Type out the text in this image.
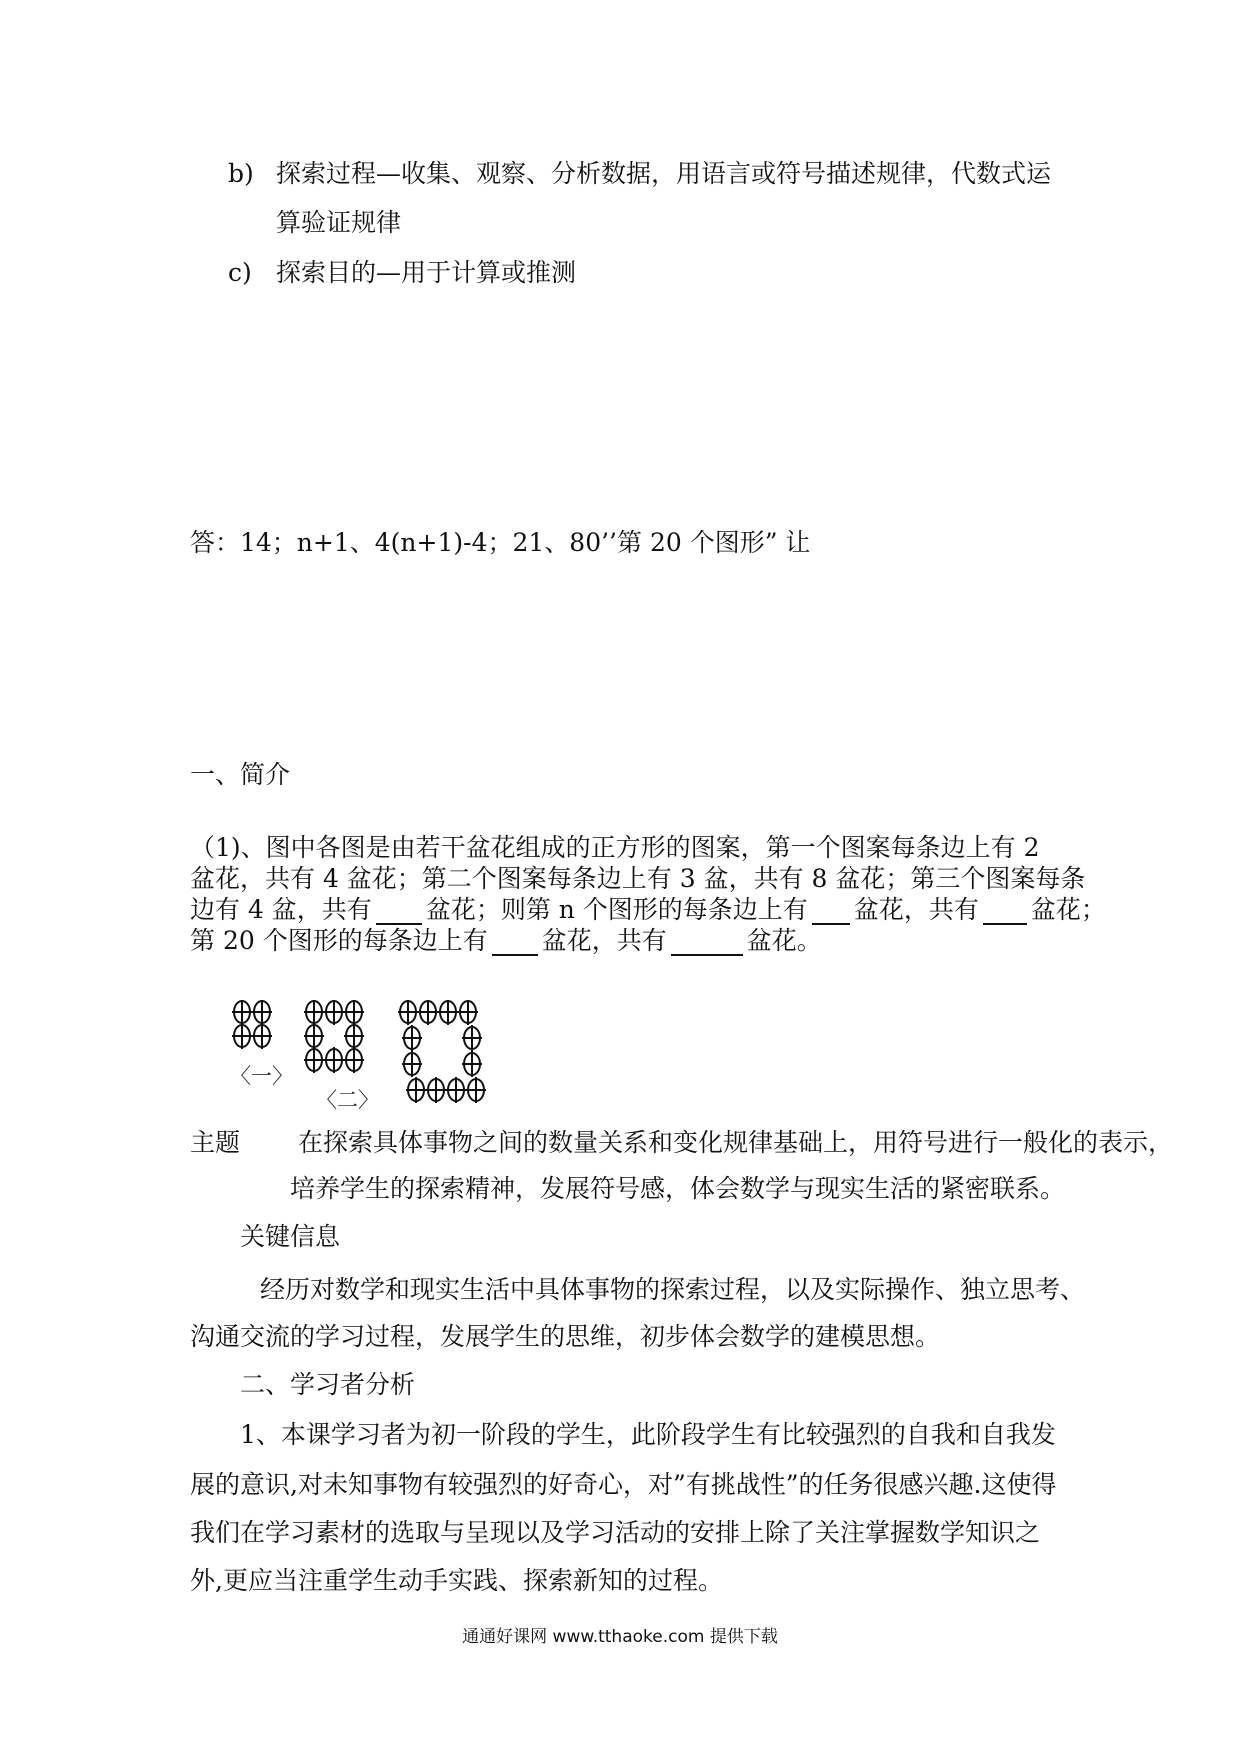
b) 探索过程—收集、观察、分析数据，用语言或符号描述规律，代数式运
算验证规律
c) 探索目的—用于计算或推测
答：14；n+1、4(n+1)-4；21、80’’第 20 个图形” 让
一、简介
（1)、图中各图是由若干盆花组成的正方形的图案，第一个图案每条边上有 2
盆花，共有 4 盆花；第二个图案每条边上有 3 盆，共有 8 盆花；第三个图案每条
边有 4 盆，共有 盆花；则第 n 个图形的每条边上有 盆花，共有 盆花；
第 20 个图形的每条边上有 盆花，共有	盆花。
〈一〉
〈二〉
主题 在探索具体事物之间的数量关系和变化规律基础上，用符号进行一般化的表示，
培养学生的探索精神，发展符号感，体会数学与现实生活的紧密联系。
关键信息
经历对数学和现实生活中具体事物的探索过程，以及实际操作、独立思考、
沟通交流的学习过程，发展学生的思维，初步体会数学的建模思想。
二、学习者分析
1、本课学习者为初一阶段的学生，此阶段学生有比较强烈的自我和自我发
展的意识,对未知事物有较强烈的好奇心，对”有挑战性”的任务很感兴趣.这使得
我们在学习素材的选取与呈现以及学习活动的安排上除了关注掌握数学知识之
外,更应当注重学生动手实践、探索新知的过程。
通通好课网 www.tthaoke.com 提供下载
